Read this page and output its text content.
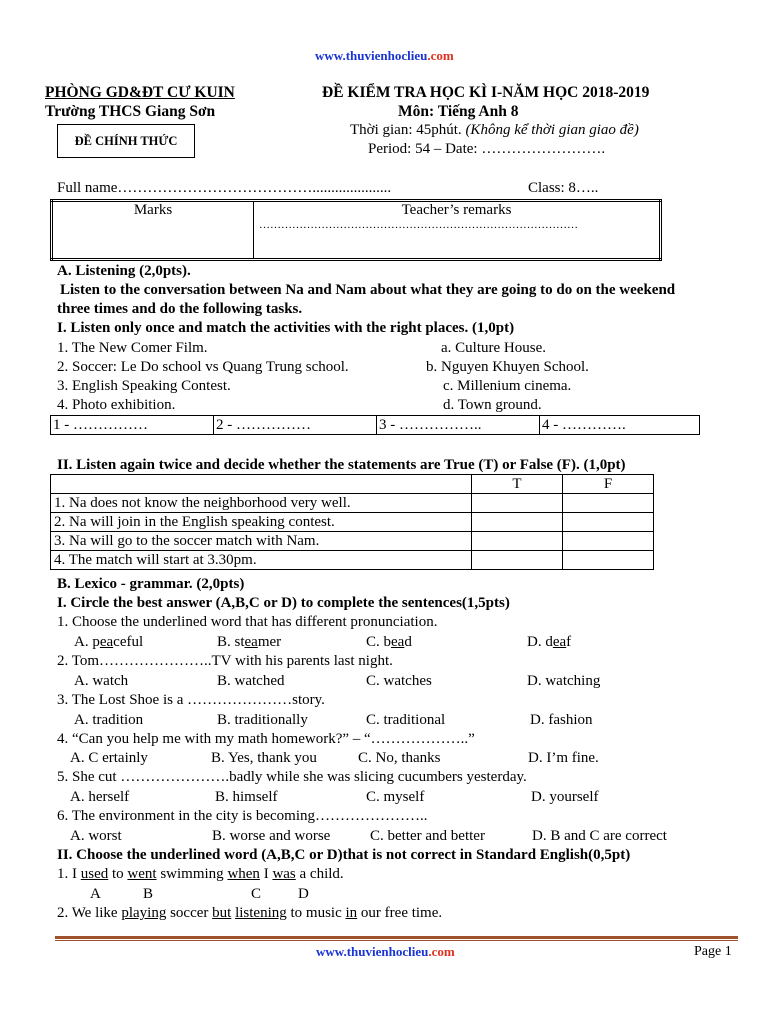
www.thuvienhoclieu.com
PHÒNG GD&ĐT CƯ KUIN
Trường THCS Giang Sơn
ĐỀ CHÍNH THỨC
ĐỀ KIỂM TRA HỌC KÌ I-NĂM HỌC 2018-2019
Môn: Tiếng Anh 8
Thời gian: 45phút. (Không kể thời gian giao đề)
Period: 54 – Date: …………………….
Full name………………………………….....................	Class: 8…..
Marks	Teacher’s remarks
……………………………………………………………………………
A. Listening (2,0pts).
Listen to the conversation between Na and Nam about what they are going to do on the weekend
three times and do the following tasks.
I. Listen only once and match the activities with the right places. (1,0pt)
1. The New Comer Film.
2. Soccer: Le Do school vs Quang Trung school.
3. English Speaking Contest.
4. Photo exhibition.
a. Culture House.
b. Nguyen Khuyen School.
c. Millenium cinema.
d. Town ground.
1 - ……………	2 - ……………	3 - ……………..	4 - ………….
II. Listen again twice and decide whether the statements are True (T) or False (F). (1,0pt)
	T	F
1. Na does not know the neighborhood very well.		
2. Na will join in the English speaking contest.		
3. Na will go to the soccer match with Nam.		
4. The match will start at 3.30pm.		
B. Lexico - grammar. (2,0pts)
I. Circle the best answer (A,B,C or D) to complete the sentences(1,5pts)
1. Choose the underlined word that has different pronunciation.
A. peaceful	B. steamer	C. bead	D. deaf
2. Tom…………………..TV with his parents last night.
A. watch	B. watched	C. watches	D. watching
3. The Lost Shoe is a …………………story.
A. tradition	B. traditionally	C. traditional	D. fashion
4. “Can you help me with my math homework?” – “………………..”
A. C ertainly	B. Yes, thank you	C. No, thanks	D. I’m fine.
5. She cut ………………….badly while she was slicing cucumbers yesterday.
A. herself	B. himself	C. myself	D. yourself
6. The environment in the city is becoming…………………..
A. worst	B. worse and worse	C. better and better	D. B and C are correct
II. Choose the underlined word (A,B,C or D)that is not correct in Standard English(0,5pt)
1. I used to went swimming when I was a child.
A	B	C D
2. We like playing soccer but listening to music in our free time.
www.thuvienhoclieu.com	Page 1
